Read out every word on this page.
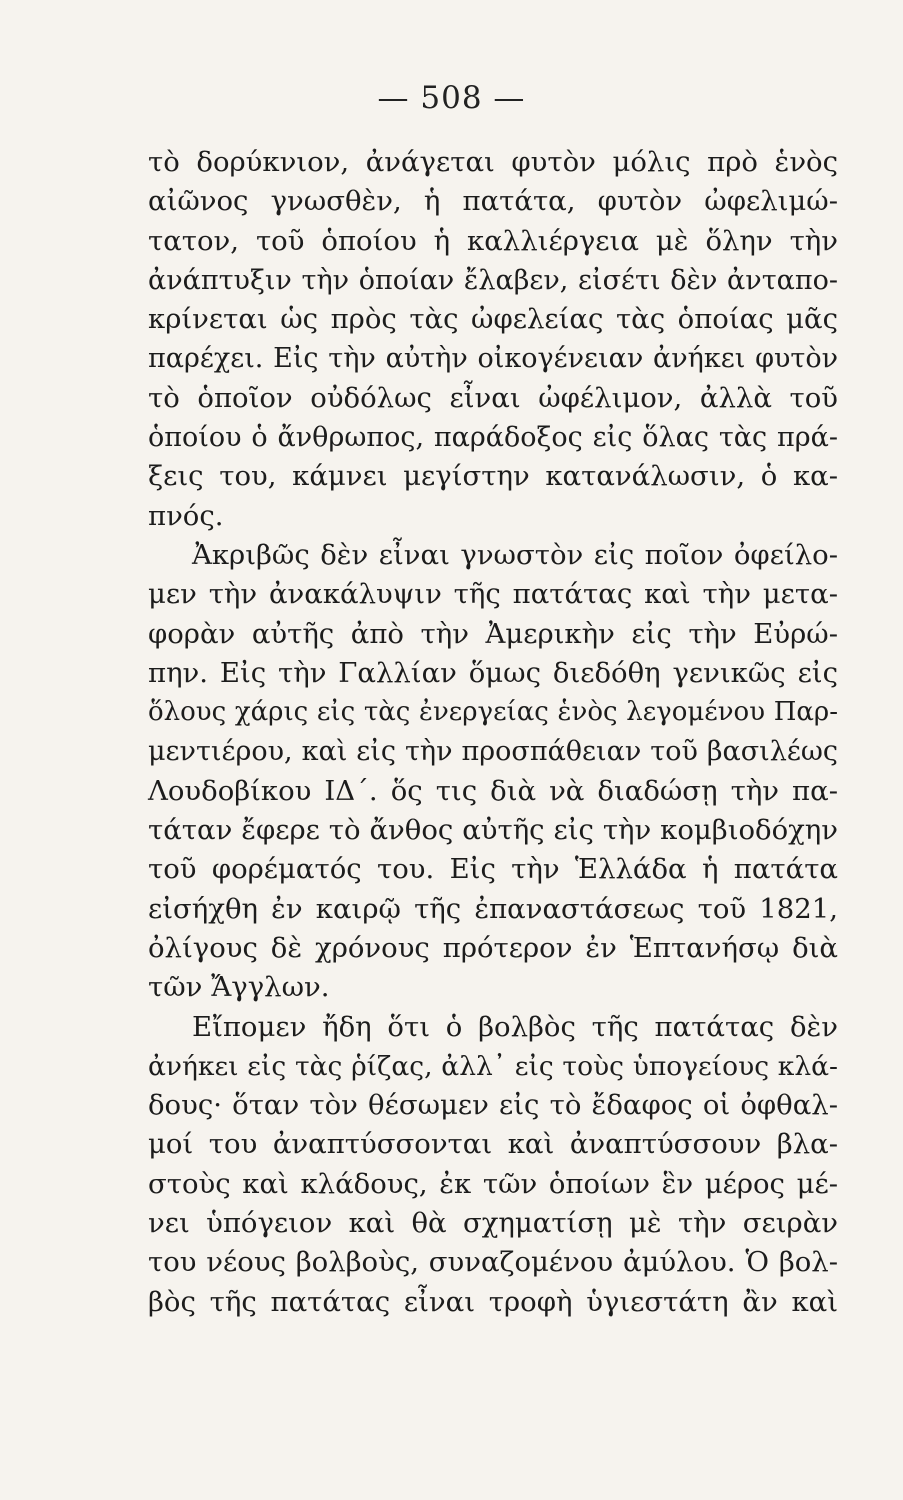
— 508 —
τὸ δορύκνιον, ἀνάγεται φυτὸν μόλις πρὸ ἑνὸς
αἰῶνος γνωσθὲν, ἡ πατάτα, φυτὸν ὠφελιμώ-
τατον, τοῦ ὁποίου ἡ καλλιέργεια μὲ ὅλην τὴν
ἀνάπτυξιν τὴν ὁποίαν ἔλαβεν, εἰσέτι δὲν ἀνταπο-
κρίνεται ὡς πρὸς τὰς ὠφελείας τὰς ὁποίας μᾶς
παρέχει. Εἰς τὴν αὐτὴν οἰκογένειαν ἀνήκει φυτὸν
τὸ ὁποῖον οὐδόλως εἶναι ὠφέλιμον, ἀλλὰ τοῦ
ὁποίου ὁ ἄνθρωπος, παράδοξος εἰς ὅλας τὰς πρά-
ξεις του, κάμνει μεγίστην κατανάλωσιν, ὁ κα-
πνός.
Ἀκριβῶς δὲν εἶναι γνωστὸν εἰς ποῖον ὀφείλο-
μεν τὴν ἀνακάλυψιν τῆς πατάτας καὶ τὴν μετα-
φορὰν αὐτῆς ἀπὸ τὴν Ἀμερικὴν εἰς τὴν Εὐρώ-
πην. Εἰς τὴν Γαλλίαν ὅμως διεδόθη γενικῶς εἰς
ὅλους χάρις εἰς τὰς ἐνεργείας ἑνὸς λεγομένου Παρ-
μεντιέρου, καὶ εἰς τὴν προσπάθειαν τοῦ βασιλέως
Λουδοβίκου ΙΔ΄. ὅς τις διὰ νὰ διαδώσῃ τὴν πα-
τάταν ἔφερε τὸ ἄνθος αὐτῆς εἰς τὴν κομβιοδόχην
τοῦ φορέματός του. Εἰς τὴν Ἑλλάδα ἡ πατάτα
εἰσήχθη ἐν καιρῷ τῆς ἐπαναστάσεως τοῦ 1821,
ὀλίγους δὲ χρόνους πρότερον ἐν Ἑπτανήσῳ διὰ
τῶν Ἄγγλων.
Εἴπομεν ἤδη ὅτι ὁ βολβὸς τῆς πατάτας δὲν
ἀνήκει εἰς τὰς ῥίζας, ἀλλ᾽ εἰς τοὺς ὑπογείους κλά-
δους· ὅταν τὸν θέσωμεν εἰς τὸ ἔδαφος οἱ ὀφθαλ-
μοί του ἀναπτύσσονται καὶ ἀναπτύσσουν βλα-
στοὺς καὶ κλάδους, ἐκ τῶν ὁποίων ἓν μέρος μέ-
νει ὑπόγειον καὶ θὰ σχηματίσῃ μὲ τὴν σειρὰν
του νέους βολβοὺς, συναζομένου ἀμύλου. Ὁ βολ-
βὸς τῆς πατάτας εἶναι τροφὴ ὑγιεστάτη ἂν καὶ
